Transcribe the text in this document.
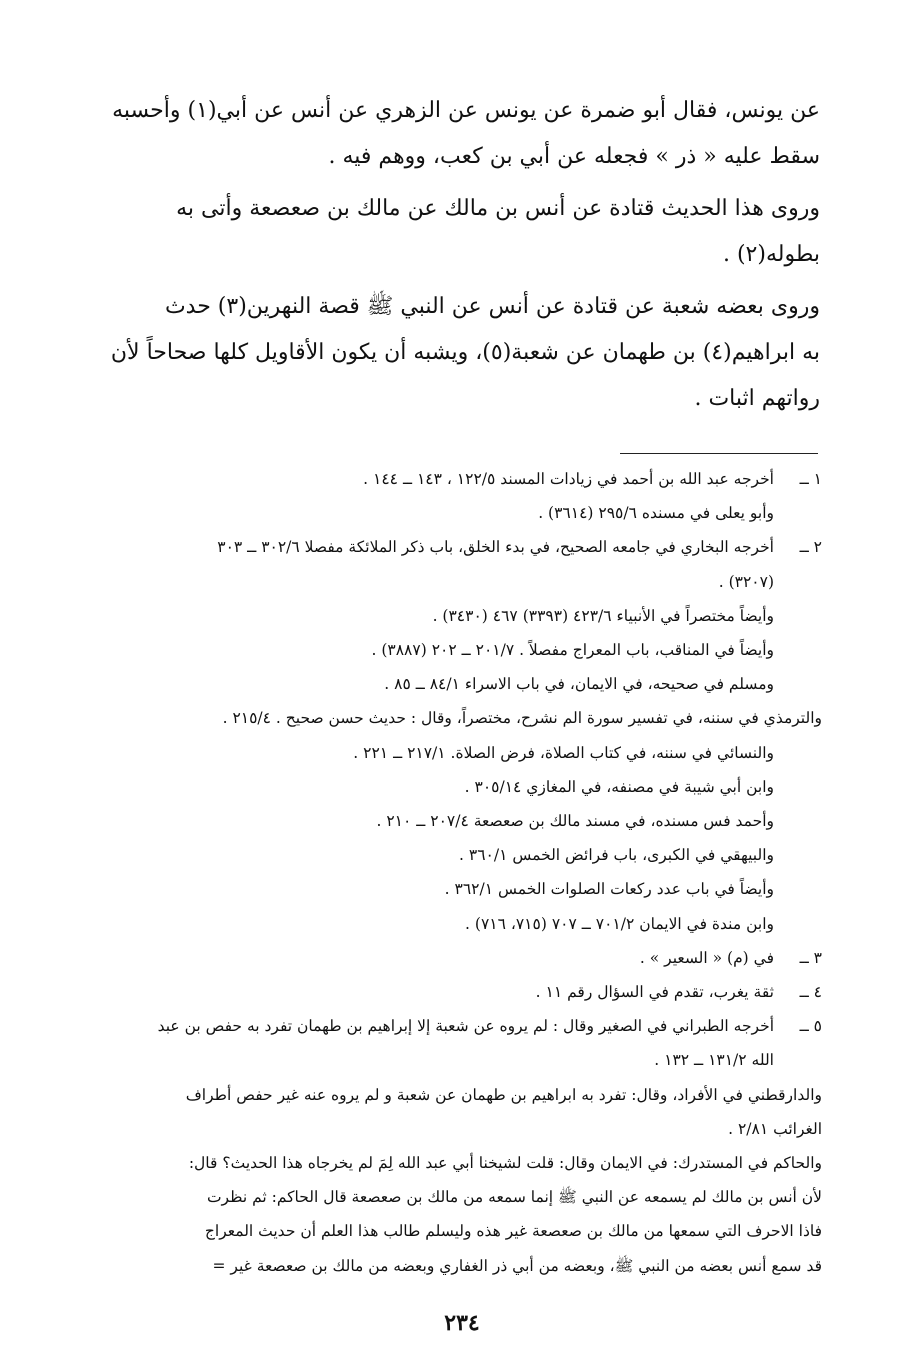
عن يونس، فقال أبو ضمرة عن يونس عن الزهري عن أنس عن أبي(١) وأحسبه
سقط عليه « ذر » فجعله عن أبي بن كعب، ووهم فيه .

وروى هذا الحديث قتادة عن أنس بن مالك عن مالك بن صعصعة وأتى به
بطوله(٢) .

وروى بعضه شعبة عن قتادة عن أنس عن النبي ﷺ قصة النهرين(٣) حدث
به ابراهيم(٤) بن طهمان عن شعبة(٥)، ويشبه أن يكون الأقاويل كلها صحاحاً لأن
رواتهم اثبات .

١ ــ
أخرجه عبد الله بن أحمد في زيادات المسند ١٢٢/٥ ، ١٤٣ ــ ١٤٤ .
وأبو يعلى في مسنده ٢٩٥/٦ (٣٦١٤) .
٢ ــ
أخرجه البخاري في جامعه الصحيح، في بدء الخلق، باب ذكر الملائكة مفصلا ٣٠٢/٦ ــ ٣٠٣
(٣٢٠٧) .
وأيضاً مختصراً في الأنبياء ٤٢٣/٦ (٣٣٩٣) ٤٦٧ (٣٤٣٠) .
وأيضاً في المناقب، باب المعراج مفصلاً . ٢٠١/٧ ــ ٢٠٢ (٣٨٨٧) .
ومسلم في صحيحه، في الايمان، في باب الاسراء ٨٤/١ ــ ٨٥ .
والترمذي في سننه، في تفسير سورة الم نشرح، مختصراً، وقال : حديث حسن صحيح . ٢١٥/٤ .
والنسائي في سننه، في كتاب الصلاة، فرض الصلاة. ٢١٧/١ ــ ٢٢١ .
وابن أبي شيبة في مصنفه، في المغازي ٣٠٥/١٤ .
وأحمد فس مسنده، في مسند مالك بن صعصعة ٢٠٧/٤ ــ ٢١٠ .
والبيهقي في الكبرى، باب فرائض الخمس ٣٦٠/١ .
وأيضاً في باب عدد ركعات الصلوات الخمس ٣٦٢/١ .
وابن مندة في الايمان ٧٠١/٢ ــ ٧٠٧ (٧١٥، ٧١٦) .
٣ ــ
في (م) « السعير » .
٤ ــ
ثقة يغرب، تقدم في السؤال رقم ١١ .
٥ ــ
أخرجه الطبراني في الصغير وقال : لم يروه عن شعبة إلا إبراهيم بن طهمان تفرد به حفص بن عبد
الله ١٣١/٢ ــ ١٣٢ .
والدارقطني في الأفراد، وقال: تفرد به ابراهيم بن طهمان عن شعبة و لم يروه عنه غير حفص أطراف
الغرائب ٢/٨١ .
والحاكم في المستدرك: في الايمان وقال: قلت لشيخنا أبي عبد الله لِمَ لم يخرجاه هذا الحديث؟ قال:
لأن أنس بن مالك لم يسمعه عن النبي ﷺ إنما سمعه من مالك بن صعصعة قال الحاكم: ثم نظرت
فاذا الاحرف التي سمعها من مالك بن صعصعة غير هذه وليسلم طالب هذا العلم أن حديث المعراج
قد سمع أنس بعضه من النبي ﷺ، وبعضه من أبي ذر الغفاري وبعضه من مالك بن صعصعة غير =
٢٣٤
